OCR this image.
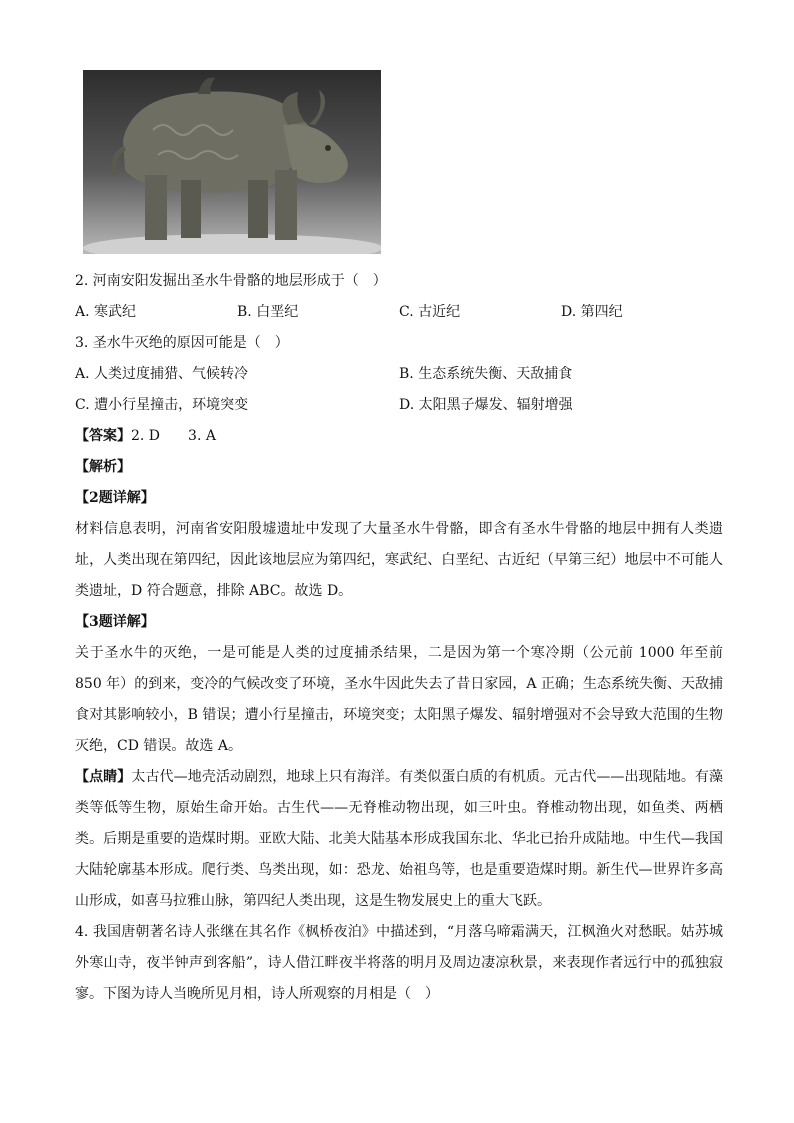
2. 河南安阳发掘出圣水牛骨骼的地层形成于（　）
A. 寒武纪	B. 白垩纪	C. 古近纪	D. 第四纪
3. 圣水牛灭绝的原因可能是（　）
A. 人类过度捕猎、气候转冷	B. 生态系统失衡、天敌捕食
C. 遭小行星撞击，环境突变	D. 太阳黑子爆发、辐射增强
【答案】2. D　　3. A
【解析】
【2题详解】
材料信息表明，河南省安阳殷墟遗址中发现了大量圣水牛骨骼，即含有圣水牛骨骼的地层中拥有人类遗址，人类出现在第四纪，因此该地层应为第四纪，寒武纪、白垩纪、古近纪（早第三纪）地层中不可能人类遗址，D 符合题意，排除 ABC。故选 D。
【3题详解】
关于圣水牛的灭绝，一是可能是人类的过度捕杀结果，二是因为第一个寒冷期（公元前 1000 年至前 850 年）的到来，变冷的气候改变了环境，圣水牛因此失去了昔日家园，A 正确；生态系统失衡、天敌捕食对其影响较小，B 错误；遭小行星撞击，环境突变；太阳黑子爆发、辐射增强对不会导致大范围的生物灭绝，CD 错误。故选 A。
【点睛】太古代—地壳活动剧烈，地球上只有海洋。有类似蛋白质的有机质。元古代——出现陆地。有藻类等低等生物，原始生命开始。古生代——无脊椎动物出现，如三叶虫。脊椎动物出现，如鱼类、两栖类。后期是重要的造煤时期。亚欧大陆、北美大陆基本形成我国东北、华北已抬升成陆地。中生代—我国大陆轮廓基本形成。爬行类、鸟类出现，如：恐龙、始祖鸟等，也是重要造煤时期。新生代—世界许多高山形成，如喜马拉雅山脉，第四纪人类出现，这是生物发展史上的重大飞跃。
4. 我国唐朝著名诗人张继在其名作《枫桥夜泊》中描述到，“月落乌啼霜满天，江枫渔火对愁眠。姑苏城外寒山寺，夜半钟声到客船”，诗人借江畔夜半将落的明月及周边凄凉秋景，来表现作者远行中的孤独寂寥。下图为诗人当晚所见月相，诗人所观察的月相是（　）
